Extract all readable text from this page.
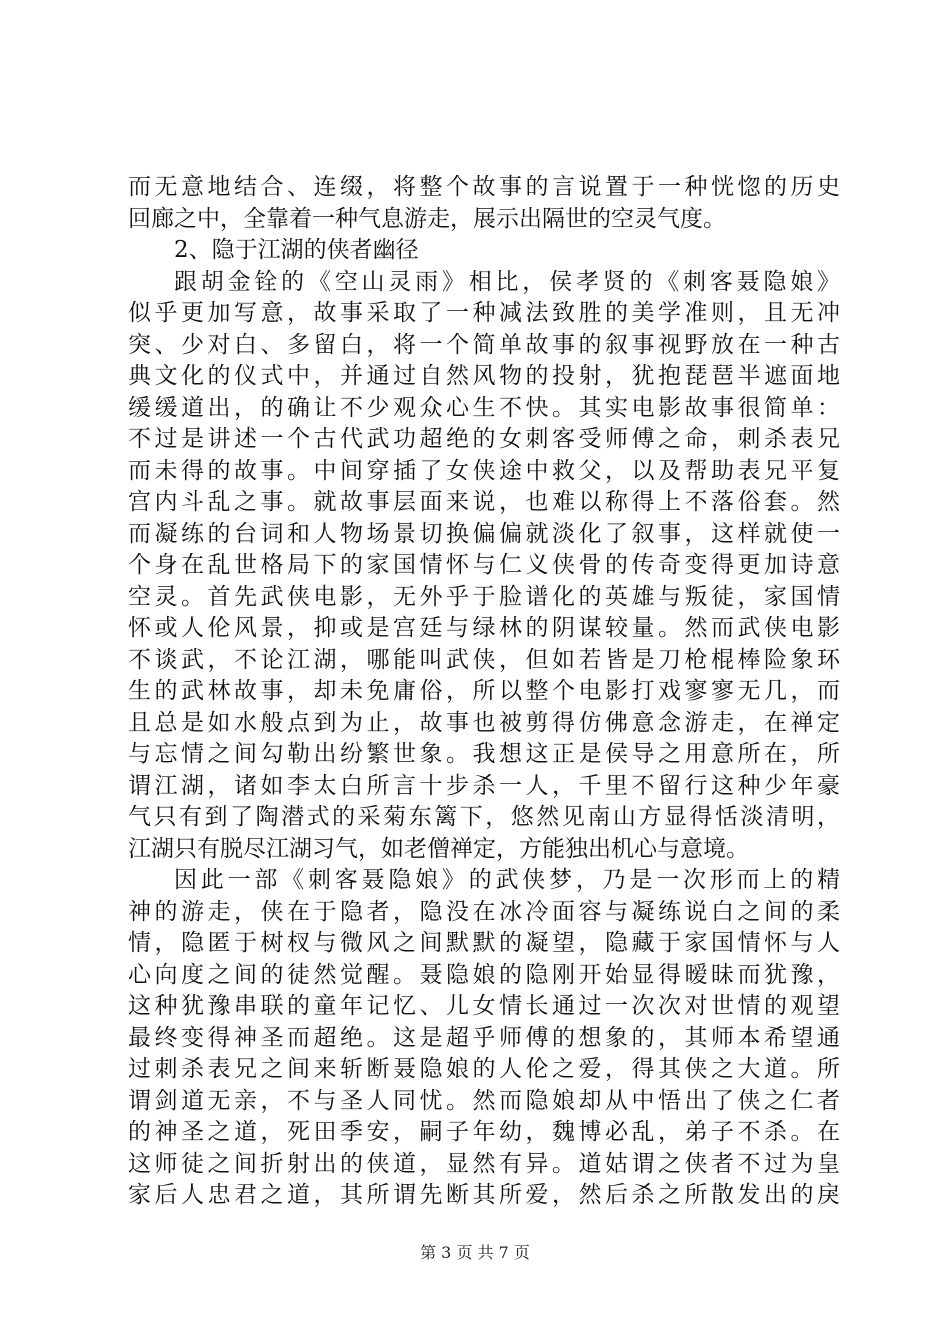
而无意地结合、连缀，将整个故事的言说置于一种恍惚的历史
回廊之中，全靠着一种气息游走，展示出隔世的空灵气度。
2、隐于江湖的侠者幽径
跟胡金铨的《空山灵雨》相比，侯孝贤的《刺客聂隐娘》
似乎更加写意，故事采取了一种减法致胜的美学准则，且无冲
突、少对白、多留白，将一个简单故事的叙事视野放在一种古
典文化的仪式中，并通过自然风物的投射，犹抱琵琶半遮面地
缓缓道出，的确让不少观众心生不快。其实电影故事很简单：
不过是讲述一个古代武功超绝的女刺客受师傅之命，刺杀表兄
而未得的故事。中间穿插了女侠途中救父，以及帮助表兄平复
宫内斗乱之事。就故事层面来说，也难以称得上不落俗套。然
而凝练的台词和人物场景切换偏偏就淡化了叙事，这样就使一
个身在乱世格局下的家国情怀与仁义侠骨的传奇变得更加诗意
空灵。首先武侠电影，无外乎于脸谱化的英雄与叛徒，家国情
怀或人伦风景，抑或是宫廷与绿林的阴谋较量。然而武侠电影
不谈武，不论江湖，哪能叫武侠，但如若皆是刀枪棍棒险象环
生的武林故事，却未免庸俗，所以整个电影打戏寥寥无几，而
且总是如水般点到为止，故事也被剪得仿佛意念游走，在禅定
与忘情之间勾勒出纷繁世象。我想这正是侯导之用意所在，所
谓江湖，诸如李太白所言十步杀一人，千里不留行这种少年豪
气只有到了陶潜式的采菊东篱下，悠然见南山方显得恬淡清明，
江湖只有脱尽江湖习气，如老僧禅定，方能独出机心与意境。
因此一部《刺客聂隐娘》的武侠梦，乃是一次形而上的精
神的游走，侠在于隐者，隐没在冰冷面容与凝练说白之间的柔
情，隐匿于树杈与微风之间默默的凝望，隐藏于家国情怀与人
心向度之间的徒然觉醒。聂隐娘的隐刚开始显得暧昧而犹豫，
这种犹豫串联的童年记忆、儿女情长通过一次次对世情的观望
最终变得神圣而超绝。这是超乎师傅的想象的，其师本希望通
过刺杀表兄之间来斩断聂隐娘的人伦之爱，得其侠之大道。所
谓剑道无亲，不与圣人同忧。然而隐娘却从中悟出了侠之仁者
的神圣之道，死田季安，嗣子年幼，魏博必乱，弟子不杀。在
这师徒之间折射出的侠道，显然有异。道姑谓之侠者不过为皇
家后人忠君之道，其所谓先断其所爱，然后杀之所散发出的戾
第 3 页 共 7 页
